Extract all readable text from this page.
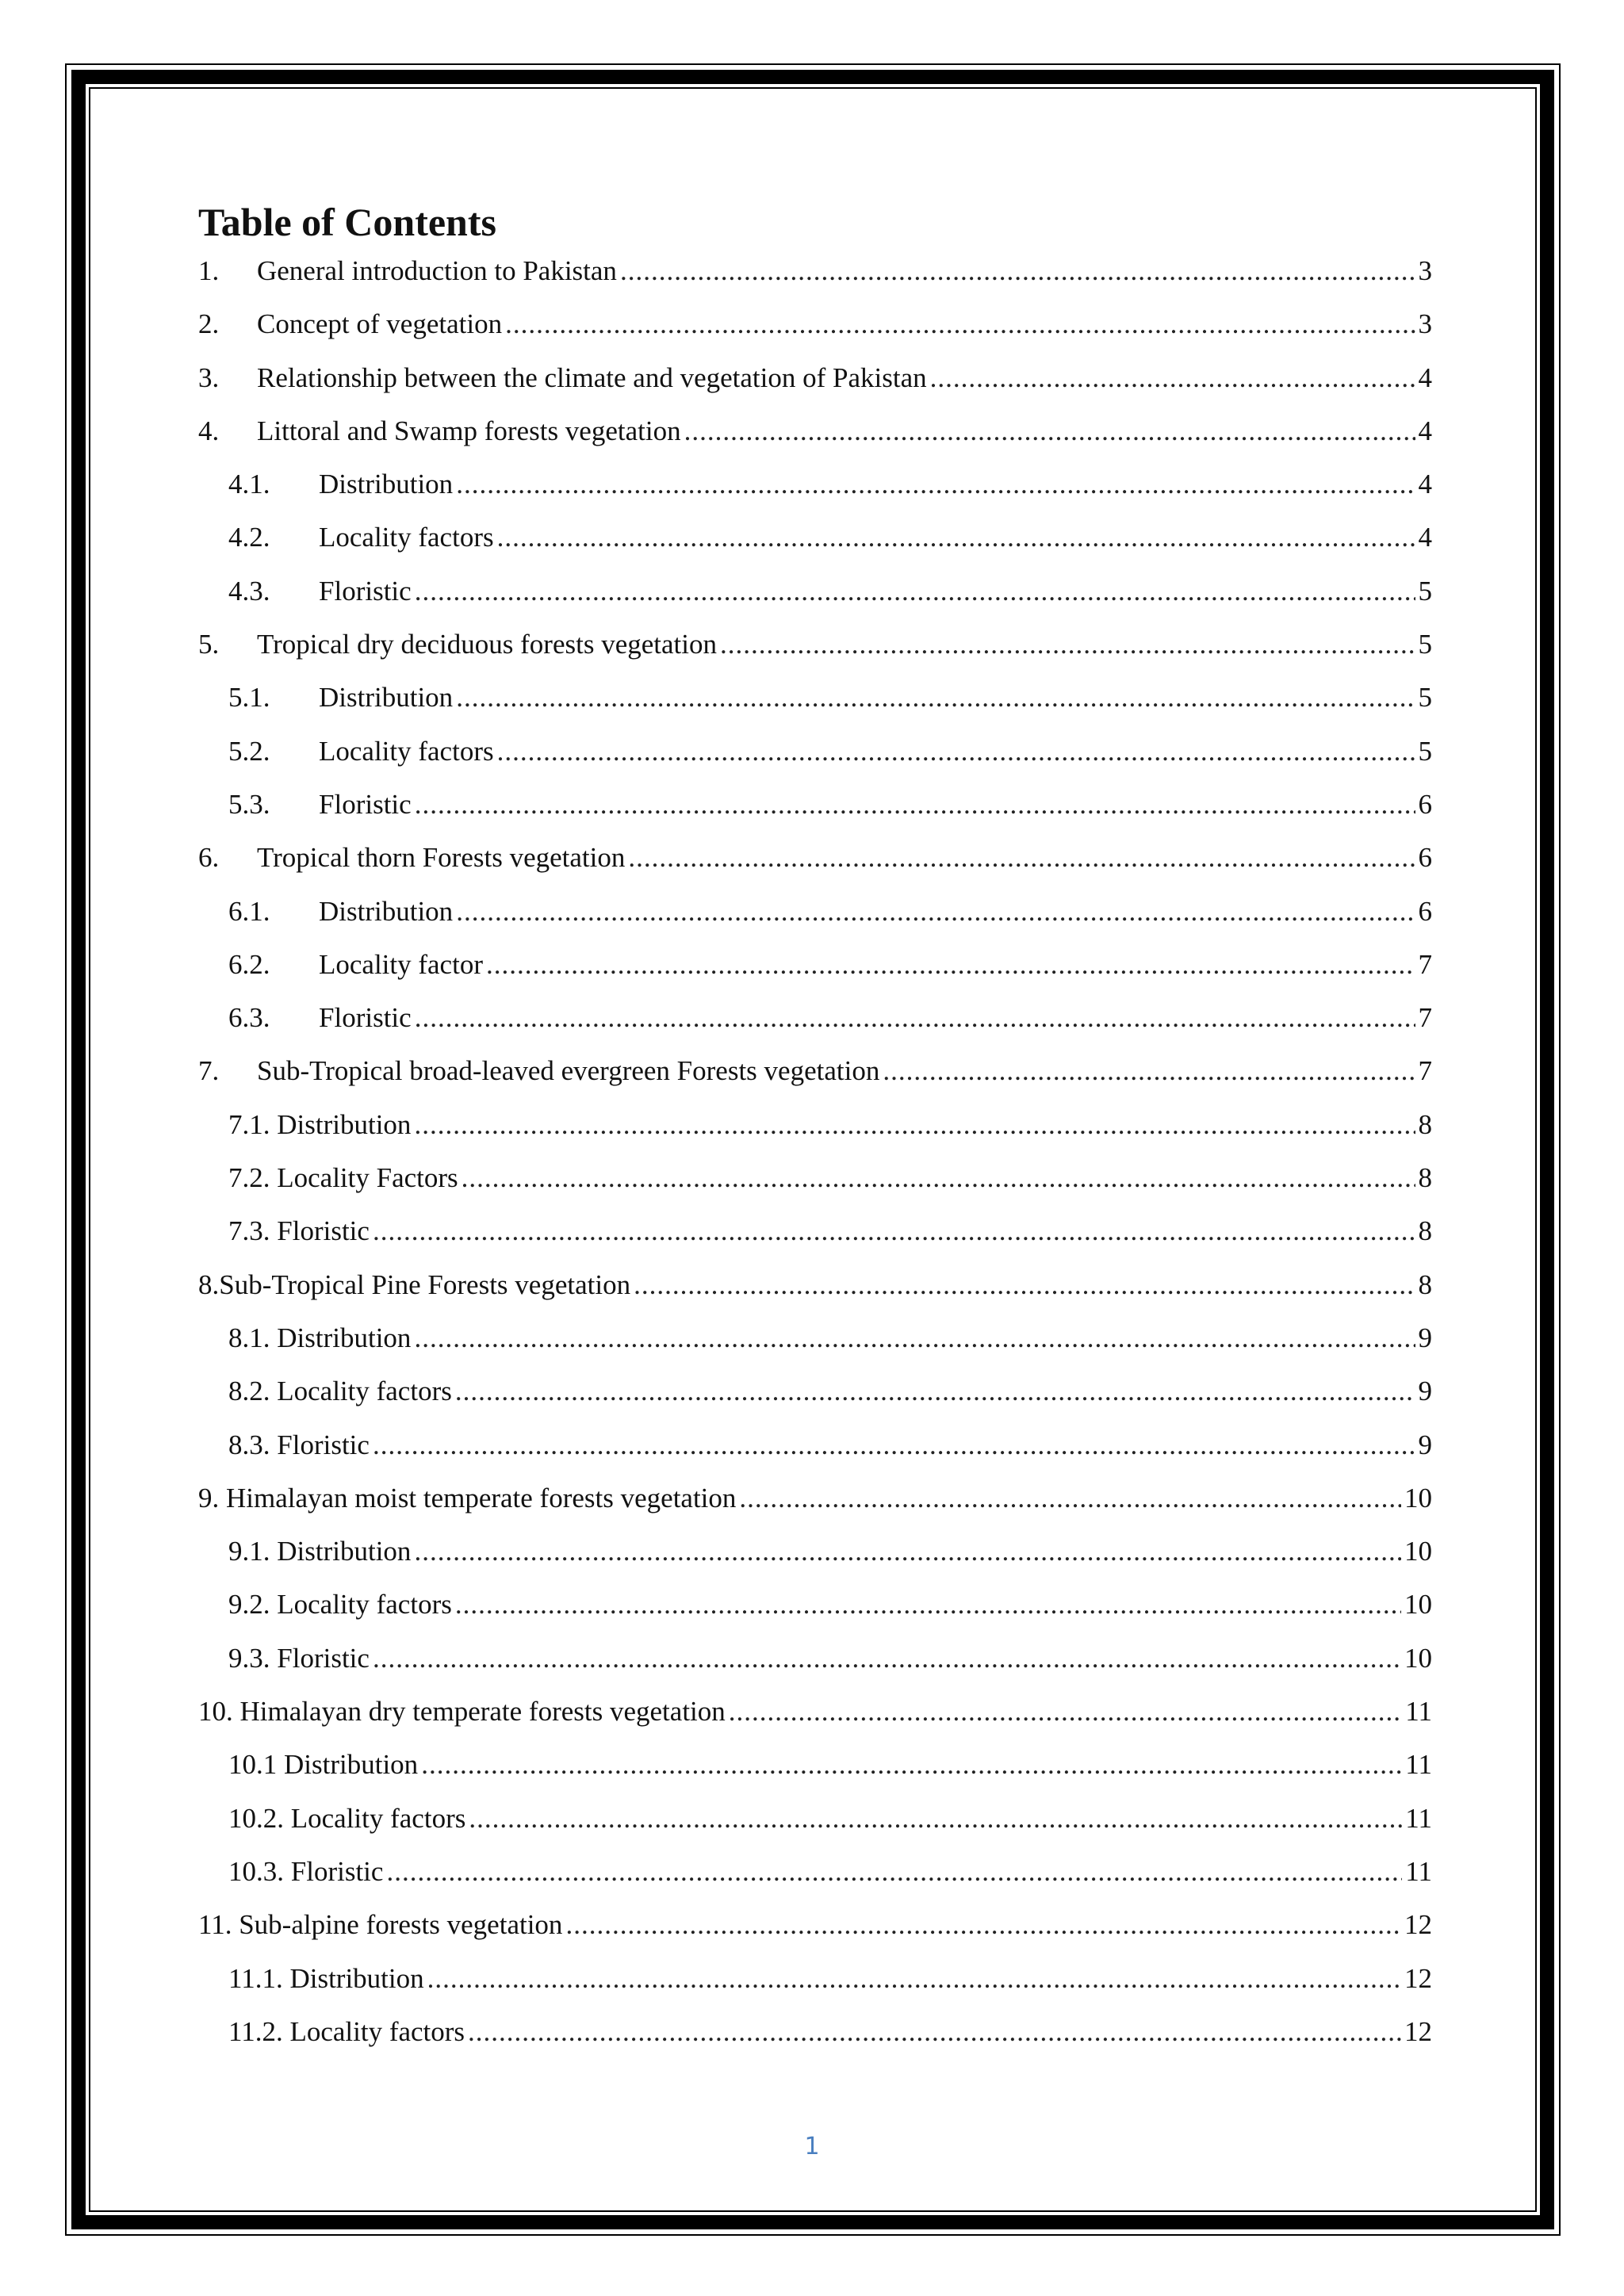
Table of Contents
1.	General introduction to Pakistan .....	3
2.	Concept of vegetation .....	3
3.	Relationship between the climate and vegetation of Pakistan .....	4
4.	Littoral and Swamp forests vegetation .....	4
4.1.	Distribution .....	4
4.2.	Locality factors .....	4
4.3.	Floristic .....	5
5.	Tropical dry deciduous forests vegetation .....	5
5.1.	Distribution .....	5
5.2.	Locality factors .....	5
5.3.	Floristic .....	6
6.	Tropical thorn Forests vegetation .....	6
6.1.	Distribution .....	6
6.2.	Locality factor .....	7
6.3.	Floristic .....	7
7.	Sub-Tropical broad-leaved evergreen Forests vegetation .....	7
7.1. Distribution .....	8
7.2. Locality Factors .....	8
7.3. Floristic .....	8
8.Sub-Tropical Pine Forests vegetation .....	8
8.1. Distribution .....	9
8.2. Locality factors .....	9
8.3. Floristic .....	9
9. Himalayan moist temperate forests vegetation .....	10
9.1. Distribution .....	10
9.2. Locality factors .....	10
9.3. Floristic .....	10
10. Himalayan dry temperate forests vegetation .....	11
10.1 Distribution .....	11
10.2. Locality factors .....	11
10.3. Floristic .....	11
11. Sub-alpine forests vegetation .....	12
11.1. Distribution .....	12
11.2. Locality factors .....	12
1
